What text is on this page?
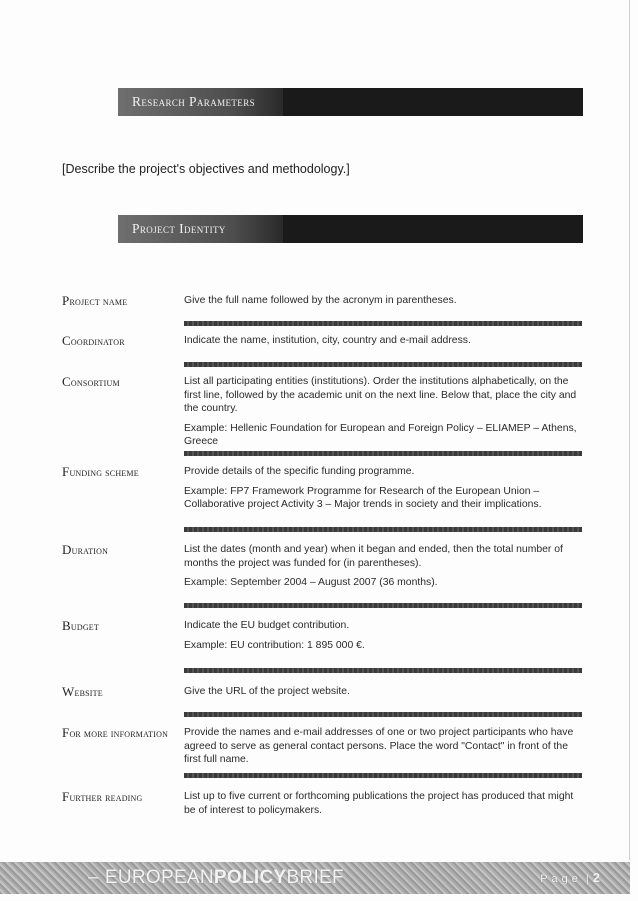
Research Parameters
[Describe the project's objectives and methodology.]
Project Identity
Project name	Give the full name followed by the acronym in parentheses.

Coordinator	Indicate the name, institution, city, country and e-mail address.

Consortium	List all participating entities (institutions). Order the institutions alphabetically, on the first line, followed by the academic unit on the next line. Below that, place the city and the country.

Example: Hellenic Foundation for European and Foreign Policy – ELIAMEP – Athens, Greece

Funding scheme	Provide details of the specific funding programme.

Example: FP7 Framework Programme for Research of the European Union – Collaborative project Activity 3 – Major trends in society and their implications.

Duration	List the dates (month and year) when it began and ended, then the total number of months the project was funded for (in parentheses).

Example: September 2004 – August 2007 (36 months).

Budget	Indicate the EU budget contribution.

Example: EU contribution: 1 895 000 €.

Website	Give the URL of the project website.

For more information	Provide the names and e-mail addresses of one or two project participants who have agreed to serve as general contact persons. Place the word "Contact" in front of the first full name.

Further reading	List up to five current or forthcoming publications the project has produced that might be of interest to policymakers.

– EUROPEANPOLICYBRIEF	Page | 2
